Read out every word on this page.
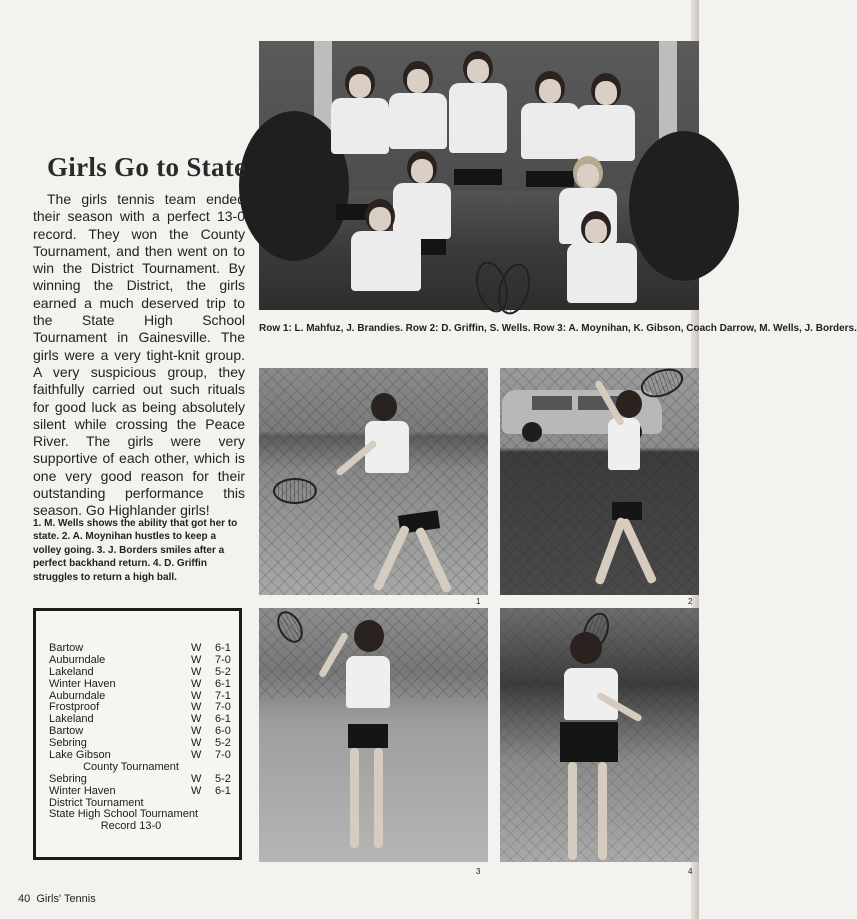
Row 1: L. Mahfuz, J. Brandies. Row 2: D. Griffin, S. Wells. Row 3: A. Moynihan, K. Gibson, Coach Darrow, M. Wells, J. Borders.

1	2
3	4
Girls Go to State

The girls tennis team ended their season with a perfect 13-0 record. They won the County Tournament, and then went on to win the District Tournament. By winning the District, the girls earned a much deserved trip to the State High School Tournament in Gainesville. The girls were a very tight-knit group. A very suspicious group, they faithfully carried out such rituals for good luck as being absolutely silent while crossing the Peace River. The girls were very supportive of each other, which is one very good reason for their outstanding performance this season. Go Highlander girls!

1. M. Wells shows the ability that got her to state. 2. A. Moynihan hustles to keep a volley going. 3. J. Borders smiles after a perfect backhand return. 4. D. Griffin struggles to return a high ball.

Bartow	W 6-1
Auburndale	W 7-0
Lakeland	W 5-2
Winter Haven	W 6-1
Auburndale	W 7-1
Frostproof	W 7-0
Lakeland	W 6-1
Bartow	W 6-0
Sebring	W 5-2
Lake Gibson	W 7-0
County Tournament
Sebring	W 5-2
Winter Haven	W 6-1
District Tournament
State High School Tournament
Record 13-0

40 Girls' Tennis
